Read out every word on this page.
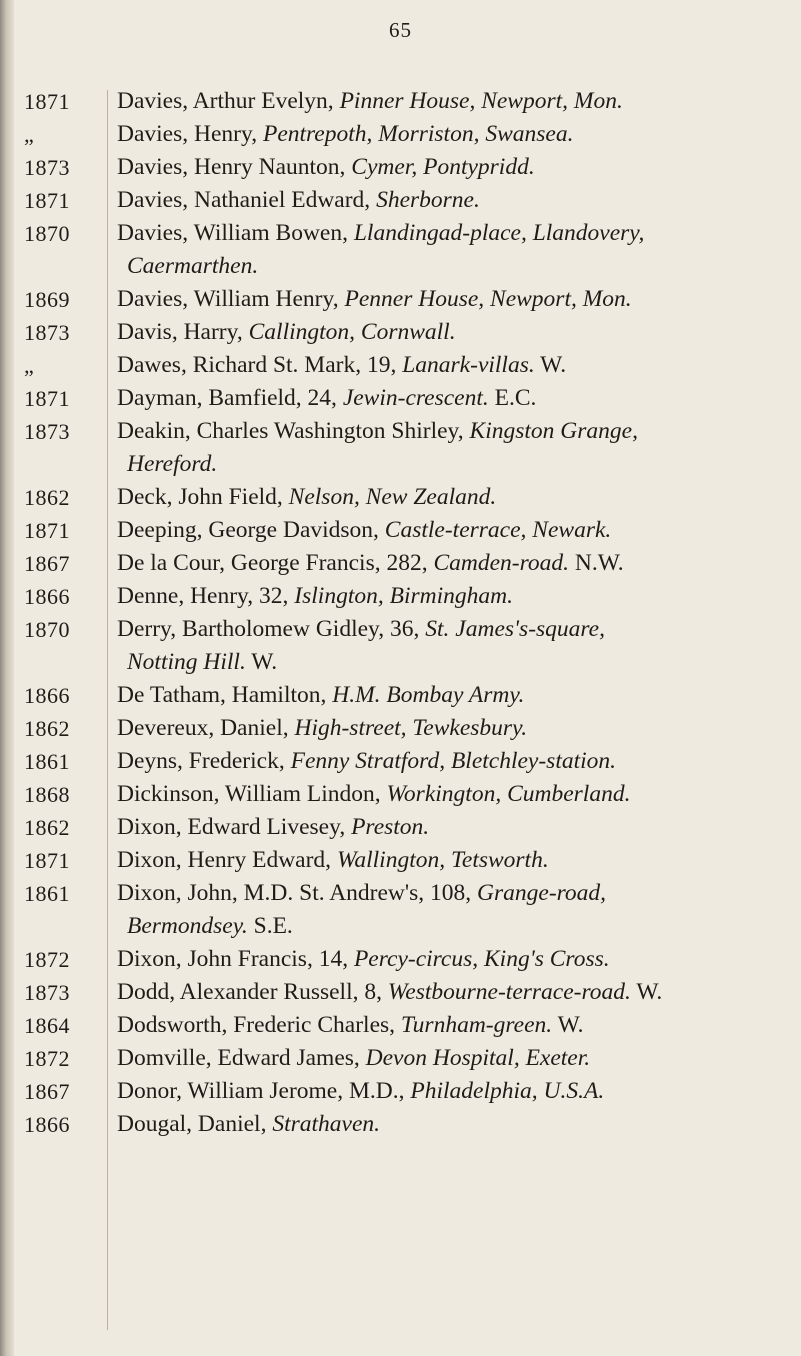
65
1871	Davies, Arthur Evelyn, Pinner House, Newport, Mon.
„	Davies, Henry, Pentrepoth, Morriston, Swansea.
1873	Davies, Henry Naunton, Cymer, Pontypridd.
1871	Davies, Nathaniel Edward, Sherborne.
1870	Davies, William Bowen, Llandingad-place, Llandovery,
Caermarthen.
1869	Davies, William Henry, Penner House, Newport, Mon.
1873	Davis, Harry, Callington, Cornwall.
„	Dawes, Richard St. Mark, 19, Lanark-villas. W.
1871	Dayman, Bamfield, 24, Jewin-crescent. E.C.
1873	Deakin, Charles Washington Shirley, Kingston Grange,
Hereford.
1862	Deck, John Field, Nelson, New Zealand.
1871	Deeping, George Davidson, Castle-terrace, Newark.
1867	De la Cour, George Francis, 282, Camden-road. N.W.
1866	Denne, Henry, 32, Islington, Birmingham.
1870	Derry, Bartholomew Gidley, 36, St. James's-square,
Notting Hill. W.
1866	De Tatham, Hamilton, H.M. Bombay Army.
1862	Devereux, Daniel, High-street, Tewkesbury.
1861	Deyns, Frederick, Fenny Stratford, Bletchley-station.
1868	Dickinson, William Lindon, Workington, Cumberland.
1862	Dixon, Edward Livesey, Preston.
1871	Dixon, Henry Edward, Wallington, Tetsworth.
1861	Dixon, John, M.D. St. Andrew's, 108, Grange-road,
Bermondsey. S.E.
1872	Dixon, John Francis, 14, Percy-circus, King's Cross.
1873	Dodd, Alexander Russell, 8, Westbourne-terrace-road. W.
1864	Dodsworth, Frederic Charles, Turnham-green. W.
1872	Domville, Edward James, Devon Hospital, Exeter.
1867	Donor, William Jerome, M.D., Philadelphia, U.S.A.
1866	Dougal, Daniel, Strathaven.
